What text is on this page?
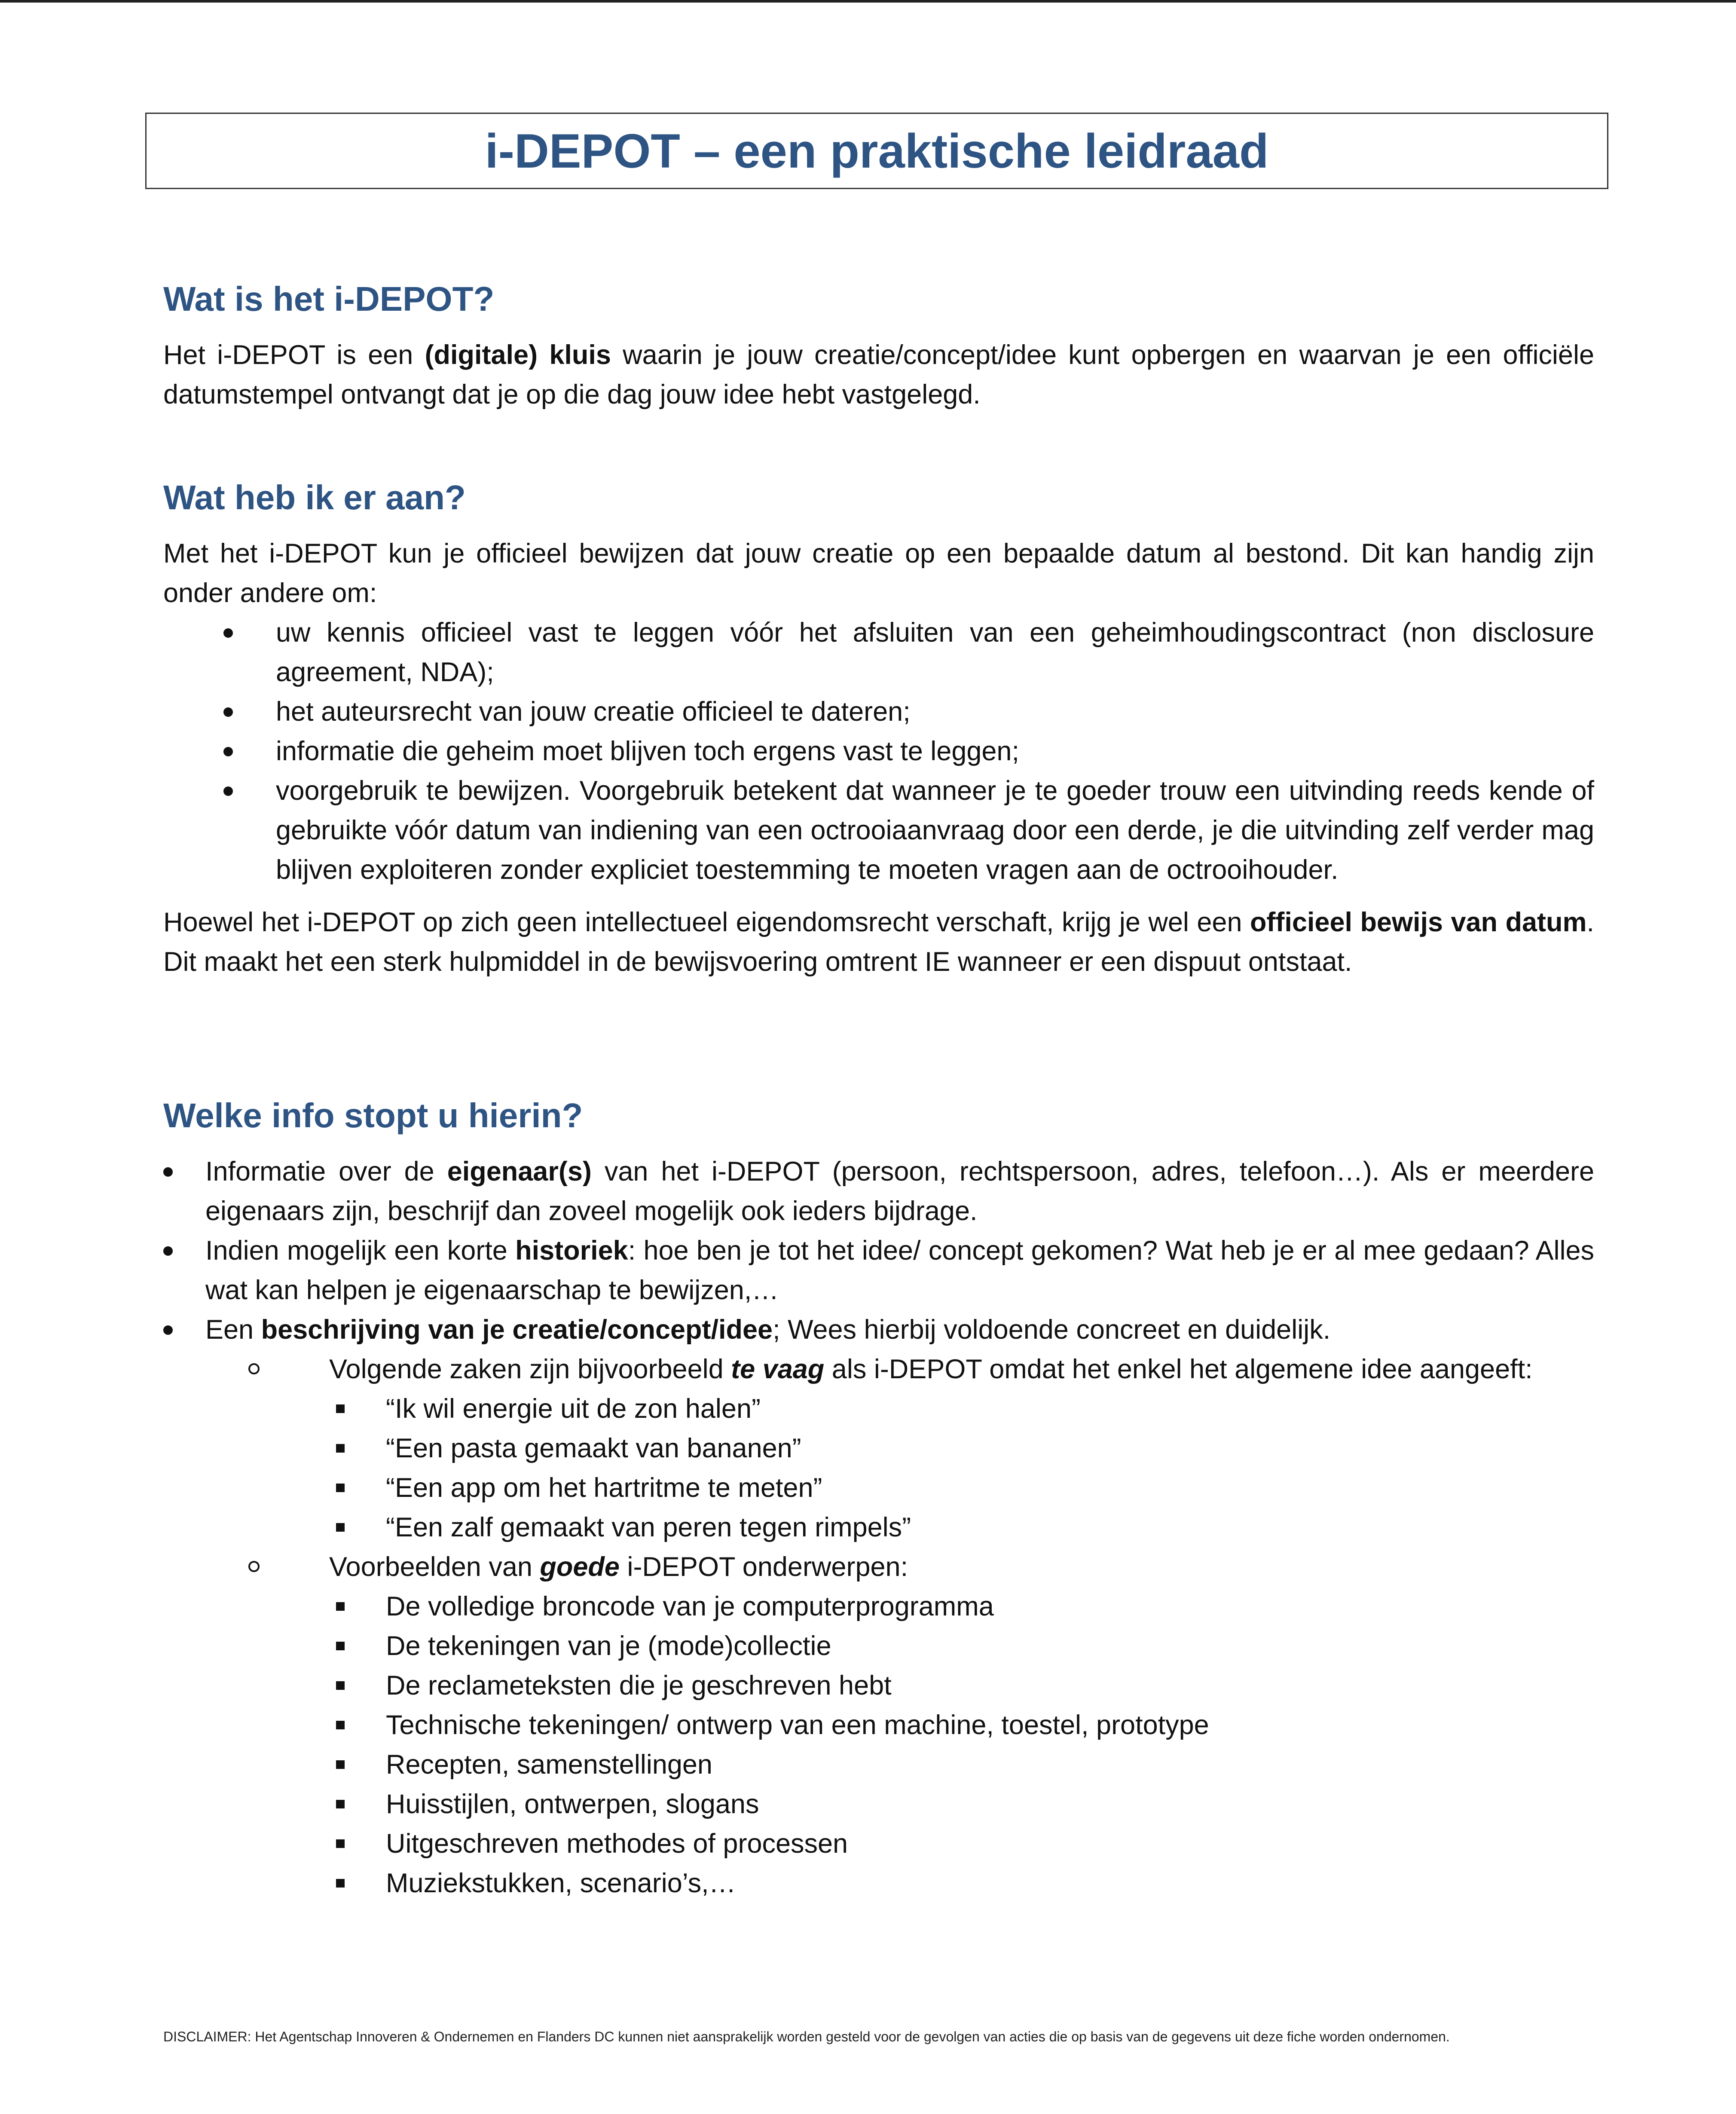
i-DEPOT – een praktische leidraad
Wat is het i-DEPOT?

Het i-DEPOT is een (digitale) kluis waarin je jouw creatie/concept/idee kunt opbergen en waarvan je een officiële datumstempel ontvangt dat je op die dag jouw idee hebt vastgelegd.

Wat heb ik er aan?

Met het i-DEPOT kun je officieel bewijzen dat jouw creatie op een bepaalde datum al bestond. Dit kan handig zijn onder andere om:

uw kennis officieel vast te leggen vóór het afsluiten van een geheimhoudingscontract (non disclosure agreement, NDA);
het auteursrecht van jouw creatie officieel te dateren;
informatie die geheim moet blijven toch ergens vast te leggen;
voorgebruik te bewijzen. Voorgebruik betekent dat wanneer je te goeder trouw een uitvinding reeds kende of gebruikte vóór datum van indiening van een octrooiaanvraag door een derde, je die uitvinding zelf verder mag blijven exploiteren zonder expliciet toestemming te moeten vragen aan de octrooihouder.

Hoewel het i-DEPOT op zich geen intellectueel eigendomsrecht verschaft, krijg je wel een officieel bewijs van datum. Dit maakt het een sterk hulpmiddel in de bewijsvoering omtrent IE wanneer er een dispuut ontstaat.

Welke info stopt u hierin?
Informatie over de eigenaar(s) van het i-DEPOT (persoon, rechtspersoon, adres, telefoon…). Als er meerdere eigenaars zijn, beschrijf dan zoveel mogelijk ook ieders bijdrage.
Indien mogelijk een korte historiek: hoe ben je tot het idee/ concept gekomen? Wat heb je er al mee gedaan? Alles wat kan helpen je eigenaarschap te bewijzen,…
Een beschrijving van je creatie/concept/idee; Wees hierbij voldoende concreet en duidelijk.
Volgende zaken zijn bijvoorbeeld te vaag als i-DEPOT omdat het enkel het algemene idee aangeeft:
“Ik wil energie uit de zon halen”
“Een pasta gemaakt van bananen”
“Een app om het hartritme te meten”
“Een zalf gemaakt van peren tegen rimpels”
Voorbeelden van goede i-DEPOT onderwerpen:
De volledige broncode van je computerprogramma
De tekeningen van je (mode)collectie
De reclameteksten die je geschreven hebt
Technische tekeningen/ ontwerp van een machine, toestel, prototype
Recepten, samenstellingen
Huisstijlen, ontwerpen, slogans
Uitgeschreven methodes of processen
Muziekstukken, scenario’s,…
DISCLAIMER: Het Agentschap Innoveren & Ondernemen en Flanders DC kunnen niet aansprakelijk worden gesteld voor de gevolgen van acties die op basis van de gegevens uit deze fiche worden ondernomen.
